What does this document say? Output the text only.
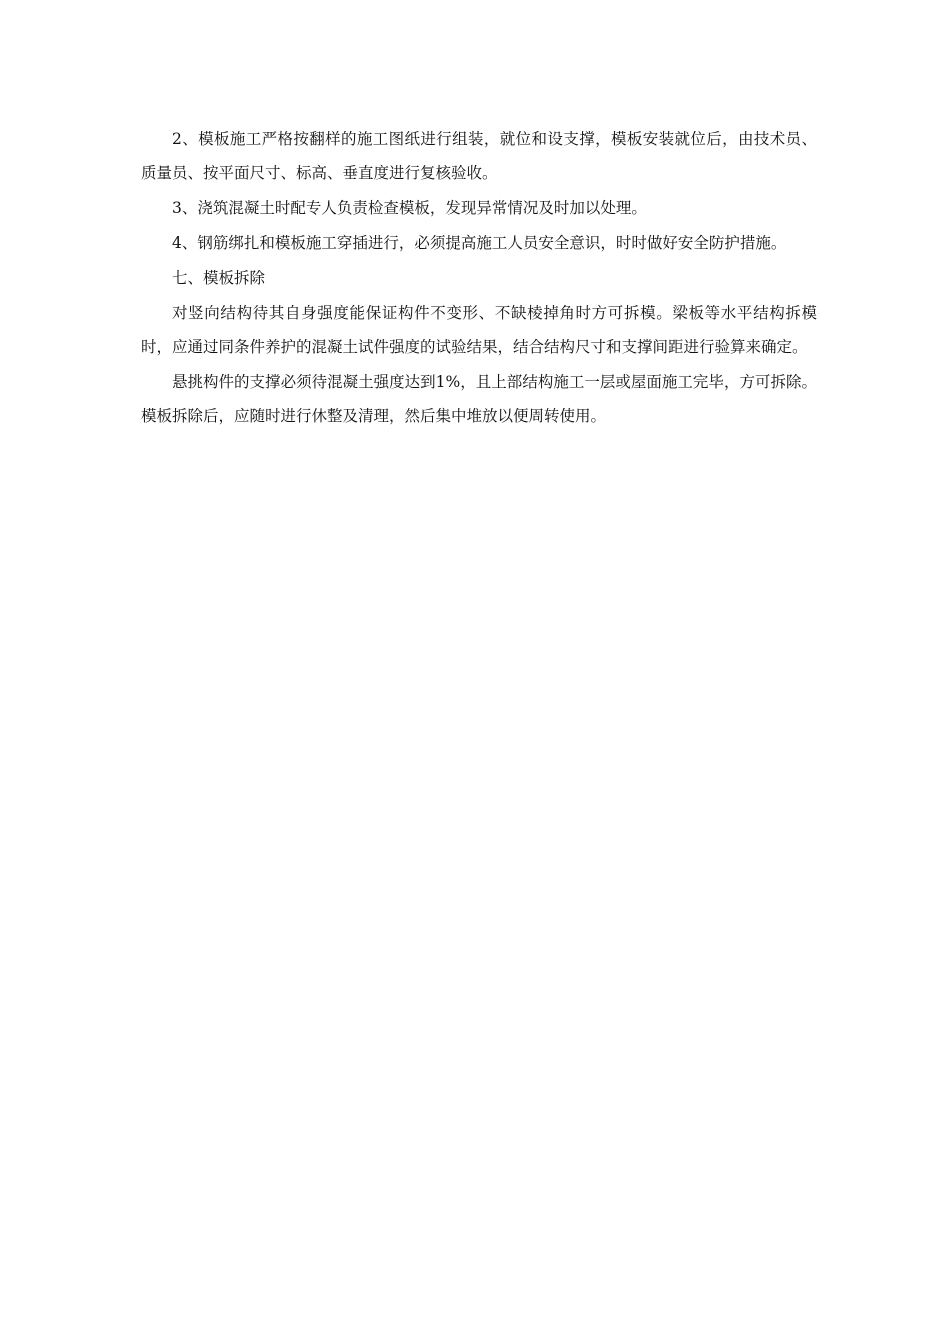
2、模板施工严格按翻样的施工图纸进行组装，就位和设支撑，模板安装就位后，由技术员、质量员、按平面尺寸、标高、垂直度进行复核验收。

3、浇筑混凝土时配专人负责检查模板，发现异常情况及时加以处理。

4、钢筋绑扎和模板施工穿插进行，必须提高施工人员安全意识，时时做好安全防护措施。

七、模板拆除

对竖向结构待其自身强度能保证构件不变形、不缺棱掉角时方可拆模。梁板等水平结构拆模时，应通过同条件养护的混凝土试件强度的试验结果，结合结构尺寸和支撑间距进行验算来确定。

悬挑构件的支撑必须待混凝土强度达到1%，且上部结构施工一层或屋面施工完毕，方可拆除。模板拆除后，应随时进行休整及清理，然后集中堆放以便周转使用。
